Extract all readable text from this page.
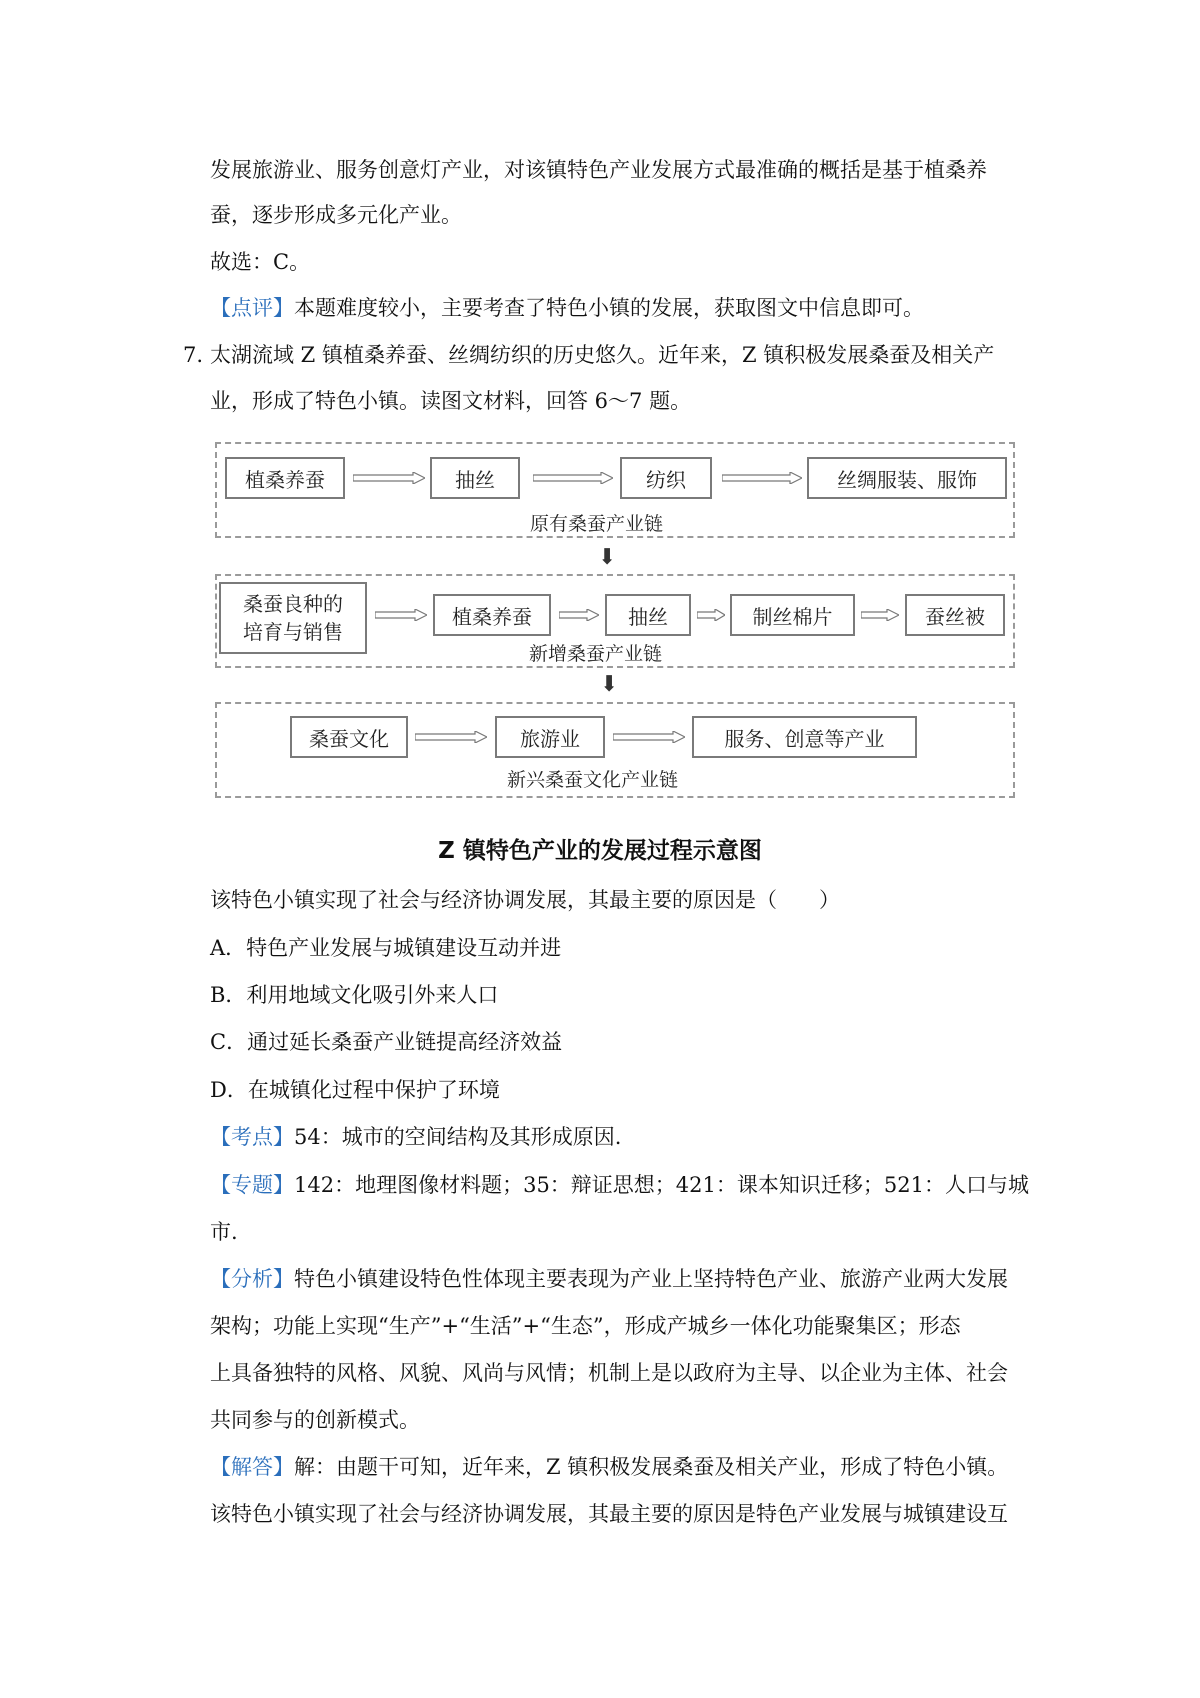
发展旅游业、服务创意灯产业，对该镇特色产业发展方式最准确的概括是基于植桑养
蚕，逐步形成多元化产业。
故选：C。
【点评】本题难度较小，主要考查了特色小镇的发展，获取图文中信息即可。
7. 太湖流域 Z 镇植桑养蚕、丝绸纺织的历史悠久。近年来，Z 镇积极发展桑蚕及相关产
业，形成了特色小镇。读图文材料，回答 6～7 题。
植桑养蚕	抽丝	纺织	丝绸服装、服饰
原有桑蚕产业链
⬇
桑蚕良种的
培育与销售
植桑养蚕	抽丝	制丝棉片	蚕丝被
新增桑蚕产业链
⬇
桑蚕文化	旅游业	服务、创意等产业
新兴桑蚕文化产业链
Z 镇特色产业的发展过程示意图
该特色小镇实现了社会与经济协调发展，其最主要的原因是（　　）
A．特色产业发展与城镇建设互动并进
B．利用地域文化吸引外来人口
C．通过延长桑蚕产业链提高经济效益
D．在城镇化过程中保护了环境
【考点】54：城市的空间结构及其形成原因.
【专题】142：地理图像材料题；35：辩证思想；421：课本知识迁移；521：人口与城
市.
【分析】特色小镇建设特色性体现主要表现为产业上坚持特色产业、旅游产业两大发展
架构；功能上实现“生产”+“生活”+“生态”，形成产城乡一体化功能聚集区；形态
上具备独特的风格、风貌、风尚与风情；机制上是以政府为主导、以企业为主体、社会
共同参与的创新模式。
【解答】解：由题干可知，近年来，Z 镇积极发展桑蚕及相关产业，形成了特色小镇。
该特色小镇实现了社会与经济协调发展，其最主要的原因是特色产业发展与城镇建设互
